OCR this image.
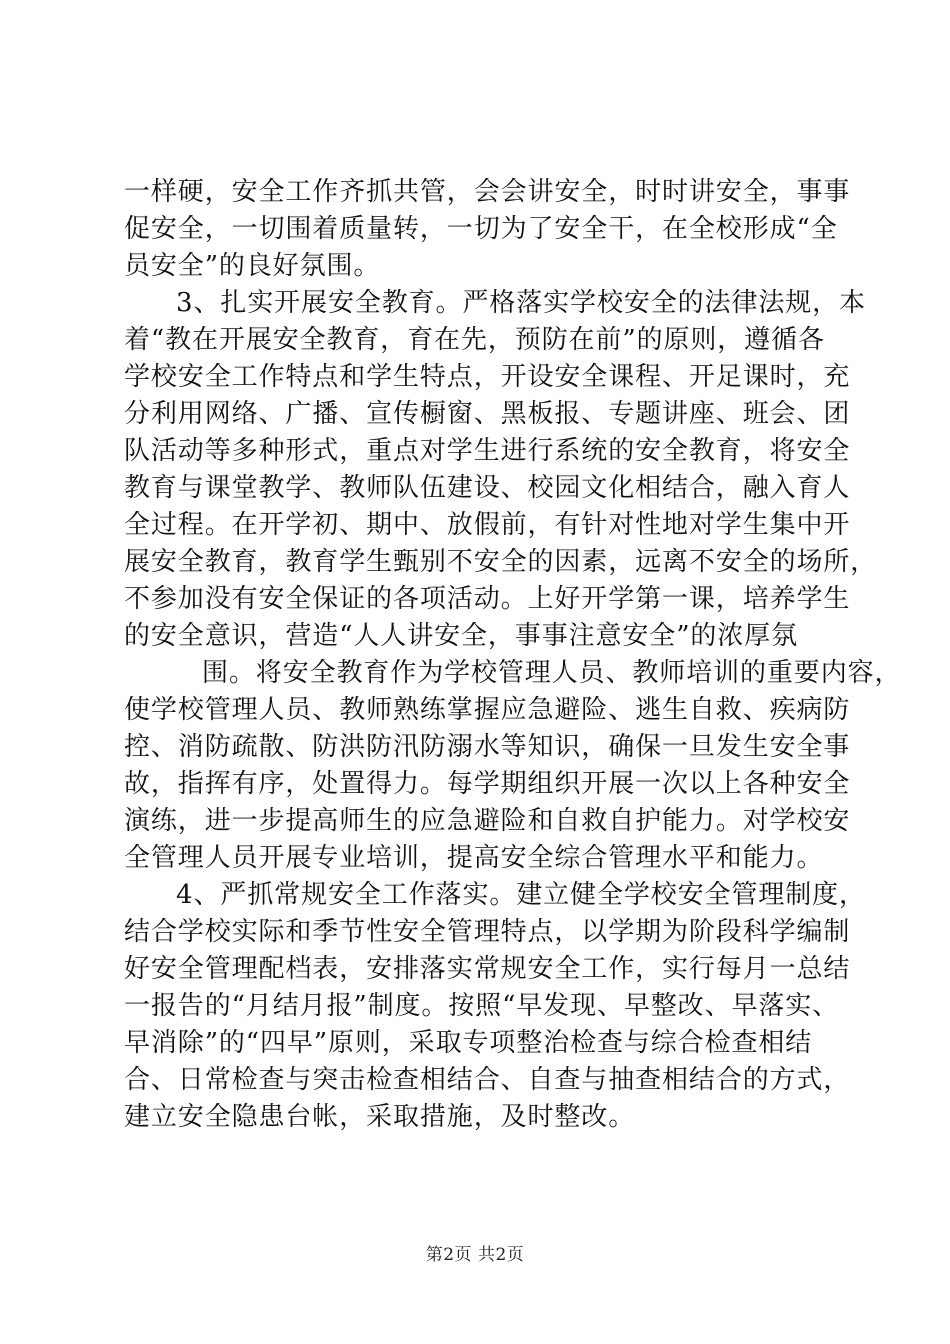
一样硬，安全工作齐抓共管，会会讲安全，时时讲安全，事事
促安全，一切围着质量转，一切为了安全干，在全校形成“全
员安全”的良好氛围。
3、扎实开展安全教育。严格落实学校安全的法律法规，本
着“教在开展安全教育，育在先，预防在前”的原则，遵循各
学校安全工作特点和学生特点，开设安全课程、开足课时，充
分利用网络、广播、宣传橱窗、黑板报、专题讲座、班会、团
队活动等多种形式，重点对学生进行系统的安全教育，将安全
教育与课堂教学、教师队伍建设、校园文化相结合，融入育人
全过程。在开学初、期中、放假前，有针对性地对学生集中开
展安全教育，教育学生甄别不安全的因素，远离不安全的场所，
不参加没有安全保证的各项活动。上好开学第一课，培养学生
的安全意识，营造“人人讲安全，事事注意安全”的浓厚氛
围。将安全教育作为学校管理人员、教师培训的重要内容，
使学校管理人员、教师熟练掌握应急避险、逃生自救、疾病防
控、消防疏散、防洪防汛防溺水等知识，确保一旦发生安全事
故，指挥有序，处置得力。每学期组织开展一次以上各种安全
演练，进一步提高师生的应急避险和自救自护能力。对学校安
全管理人员开展专业培训，提高安全综合管理水平和能力。
4、严抓常规安全工作落实。建立健全学校安全管理制度，
结合学校实际和季节性安全管理特点，以学期为阶段科学编制
好安全管理配档表，安排落实常规安全工作，实行每月一总结
一报告的“月结月报”制度。按照“早发现、早整改、早落实、
早消除”的“四早”原则，采取专项整治检查与综合检查相结
合、日常检查与突击检查相结合、自查与抽查相结合的方式，
建立安全隐患台帐，采取措施，及时整改。
第2页 共2页
